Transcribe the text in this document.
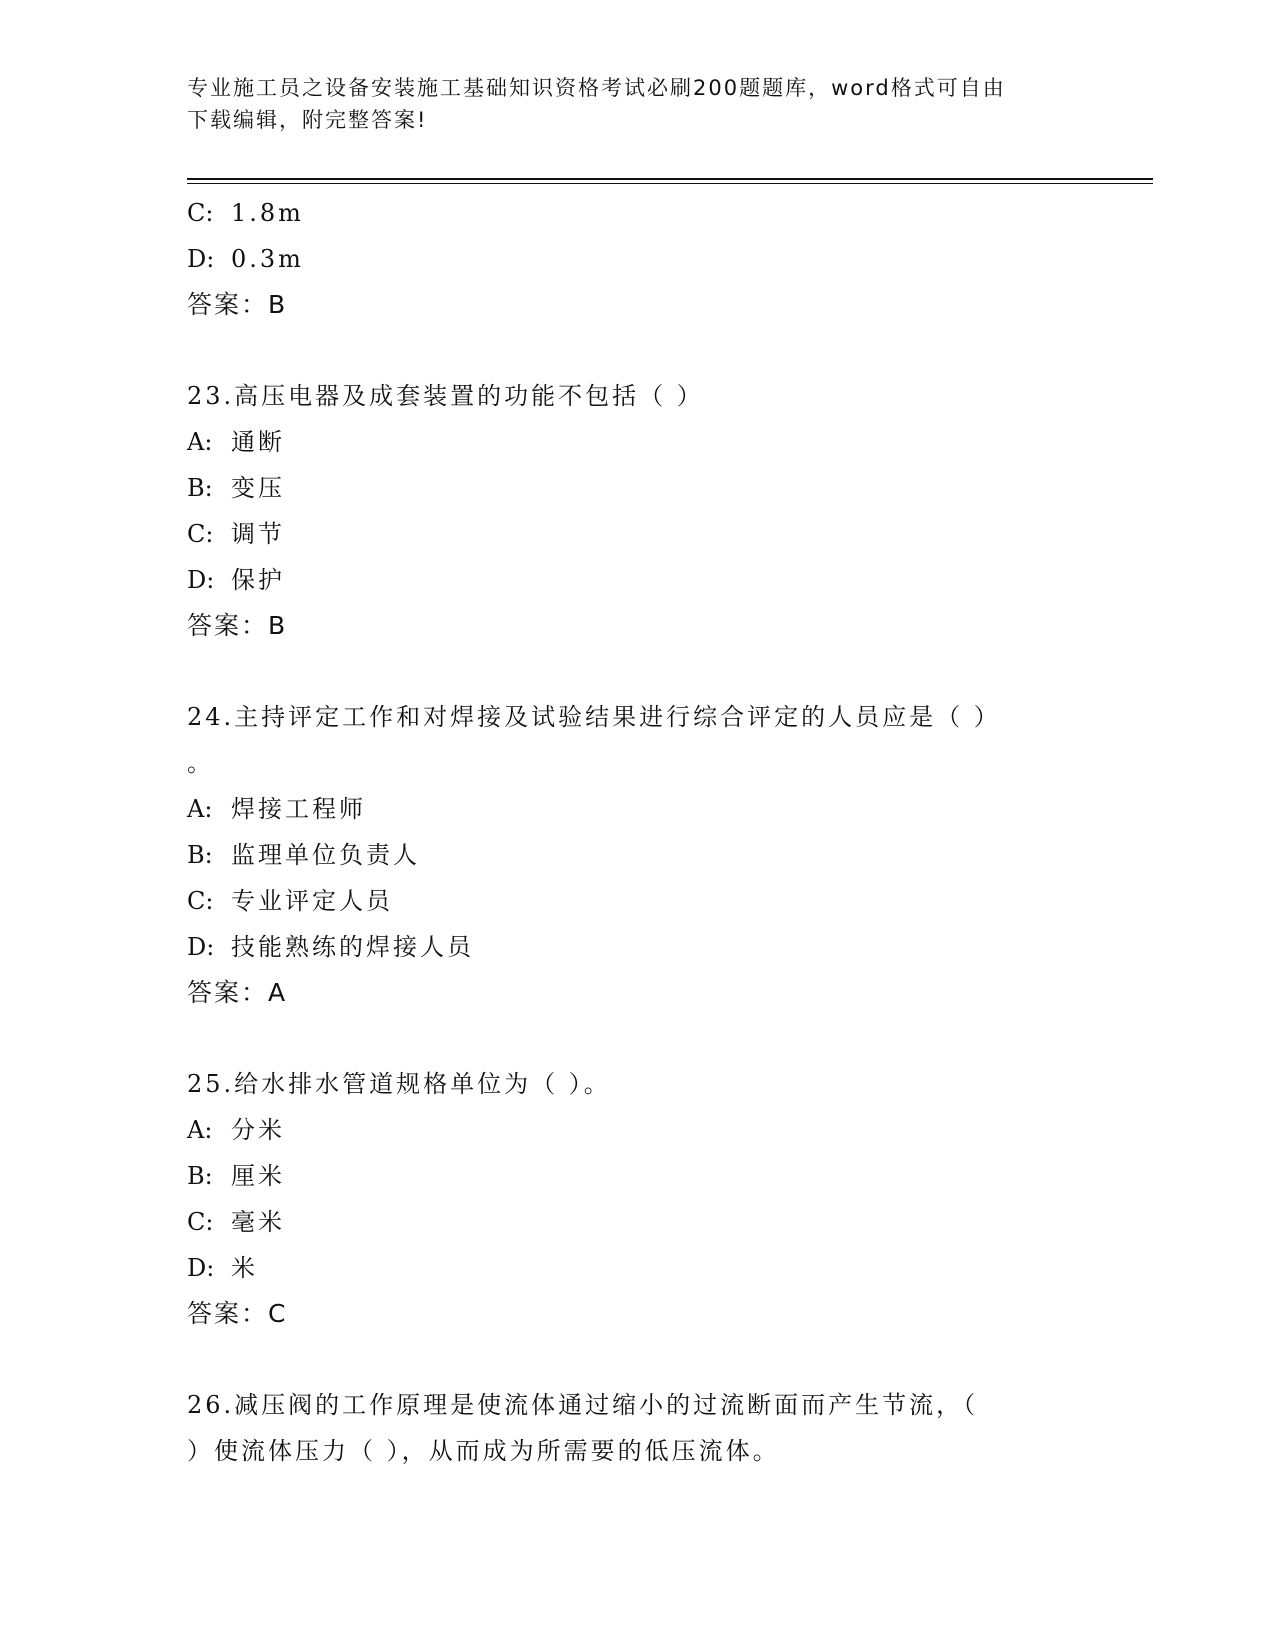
专业施工员之设备安装施工基础知识资格考试必刷200题题库，word格式可自由
下载编辑，附完整答案!
C: 1.8m
D: 0.3m
答案：B
23.高压电器及成套装置的功能不包括（ ）
A: 通断
B: 变压
C: 调节
D: 保护
答案：B
24.主持评定工作和对焊接及试验结果进行综合评定的人员应是（ ）
。
A: 焊接工程师
B: 监理单位负责人
C: 专业评定人员
D: 技能熟练的焊接人员
答案：A
25.给水排水管道规格单位为（ ）。
A: 分米
B: 厘米
C: 毫米
D: 米
答案：C
26.减压阀的工作原理是使流体通过缩小的过流断面而产生节流，（
）使流体压力（ ），从而成为所需要的低压流体。
